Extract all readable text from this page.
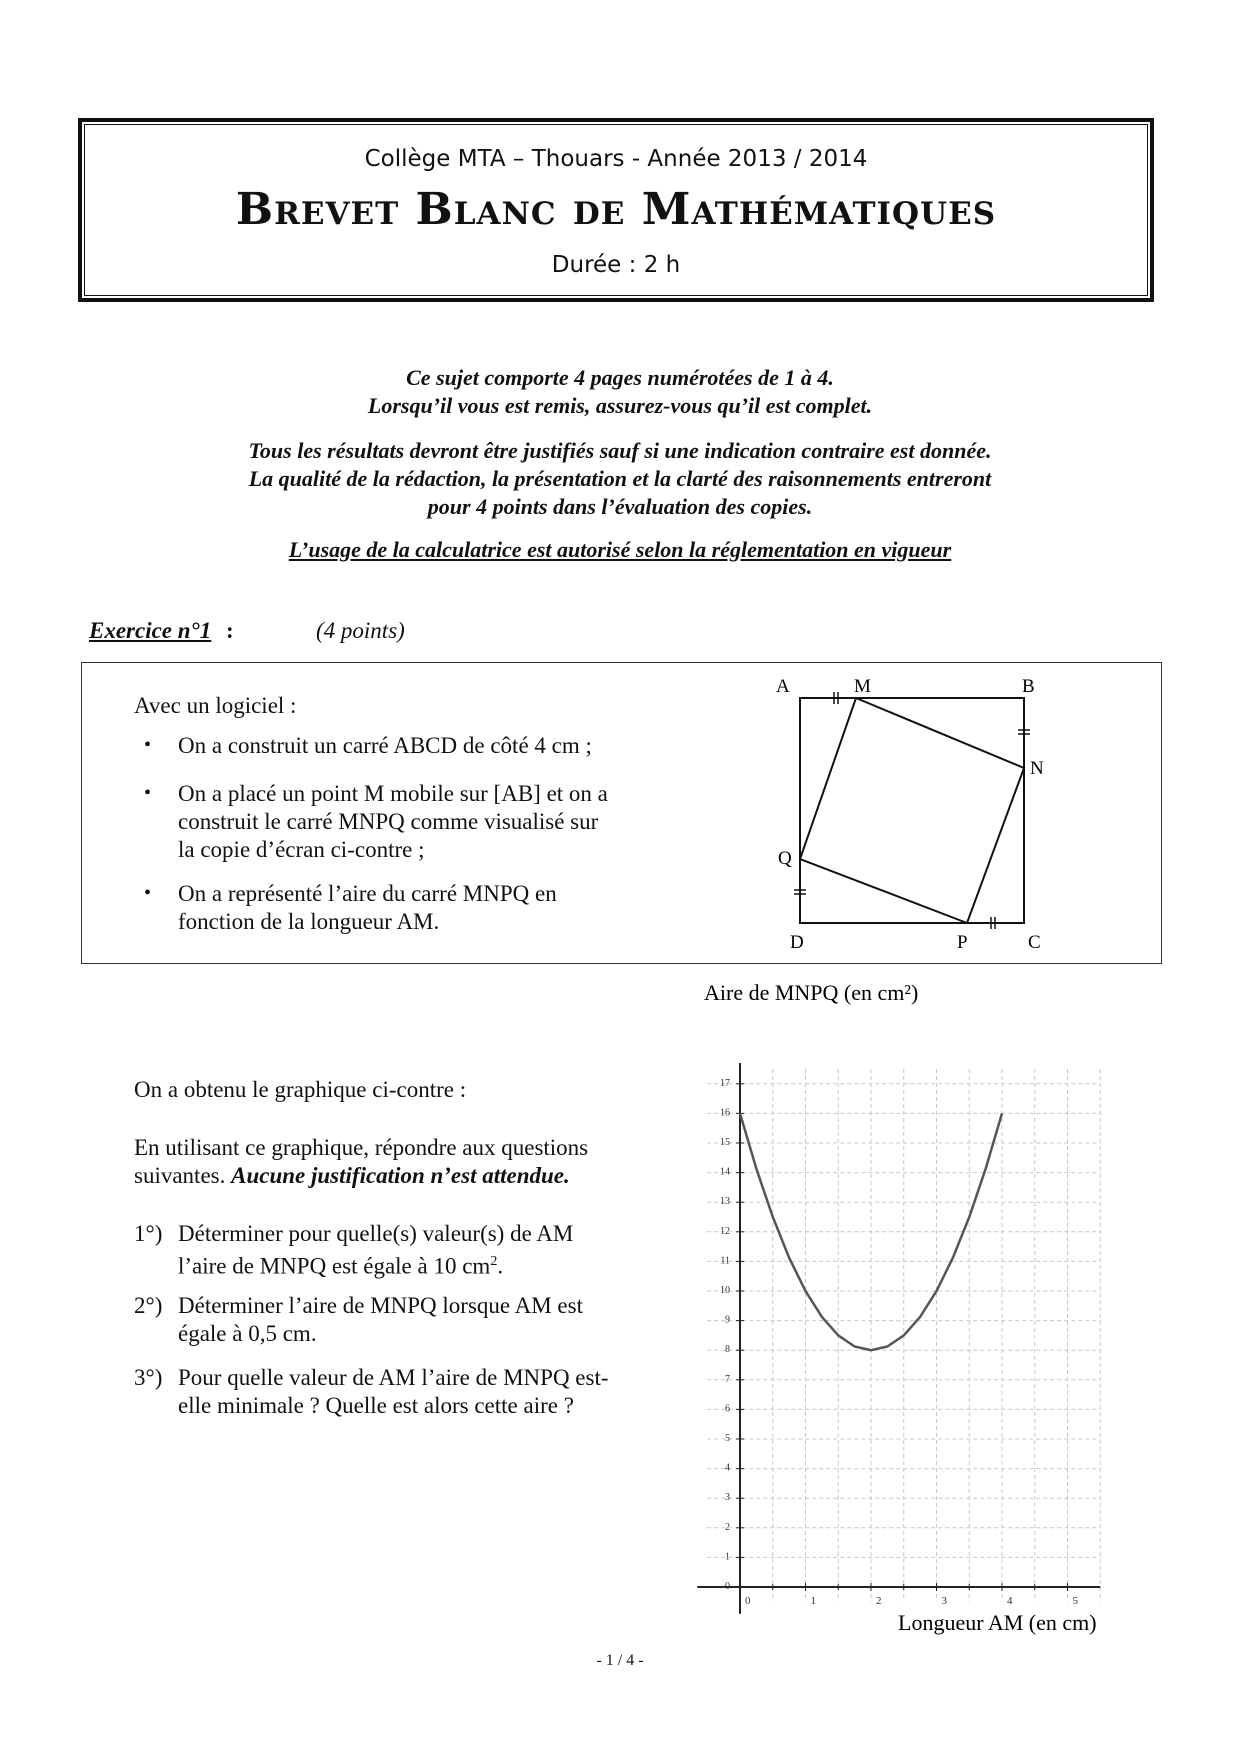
Collège MTA – Thouars - Année 2013 / 2014
Brevet Blanc de Mathématiques
Durée : 2 h
Ce sujet comporte 4 pages numérotées de 1 à 4.
Lorsqu’il vous est remis, assurez-vous qu’il est complet.
Tous les résultats devront être justifiés sauf si une indication contraire est donnée.
La qualité de la rédaction, la présentation et la clarté des raisonnements entreront
pour 4 points dans l’évaluation des copies.
L’usage de la calculatrice est autorisé selon la réglementation en vigueur
Exercice n°1 :	(4 points)
Avec un logiciel :
• On a construit un carré ABCD de côté 4 cm ;
• On a placé un point M mobile sur [AB] et on a
construit le carré MNPQ comme visualisé sur
la copie d’écran ci-contre ;
• On a représenté l’aire du carré MNPQ en
fonction de la longueur AM.
A	M	B
N
Q
D	P	C
On a obtenu le graphique ci-contre :
En utilisant ce graphique, répondre aux questions
suivantes. Aucune justification n’est attendue.
1°) Déterminer pour quelle(s) valeur(s) de AM
l’aire de MNPQ est égale à 10 $cm^2$.
2°) Déterminer l’aire de MNPQ lorsque AM est
égale à 0,5 cm.
3°) Pour quelle valeur de AM l’aire de MNPQ est-
elle minimale ? Quelle est alors cette aire ?
Aire de MNPQ (en cm²)
0	1	2	3	4	5
0
1
2
3
4
5
6
7
8
9
10
11
12
13
14
15
16
17
Longueur AM (en cm)
- 1 / 4 -
